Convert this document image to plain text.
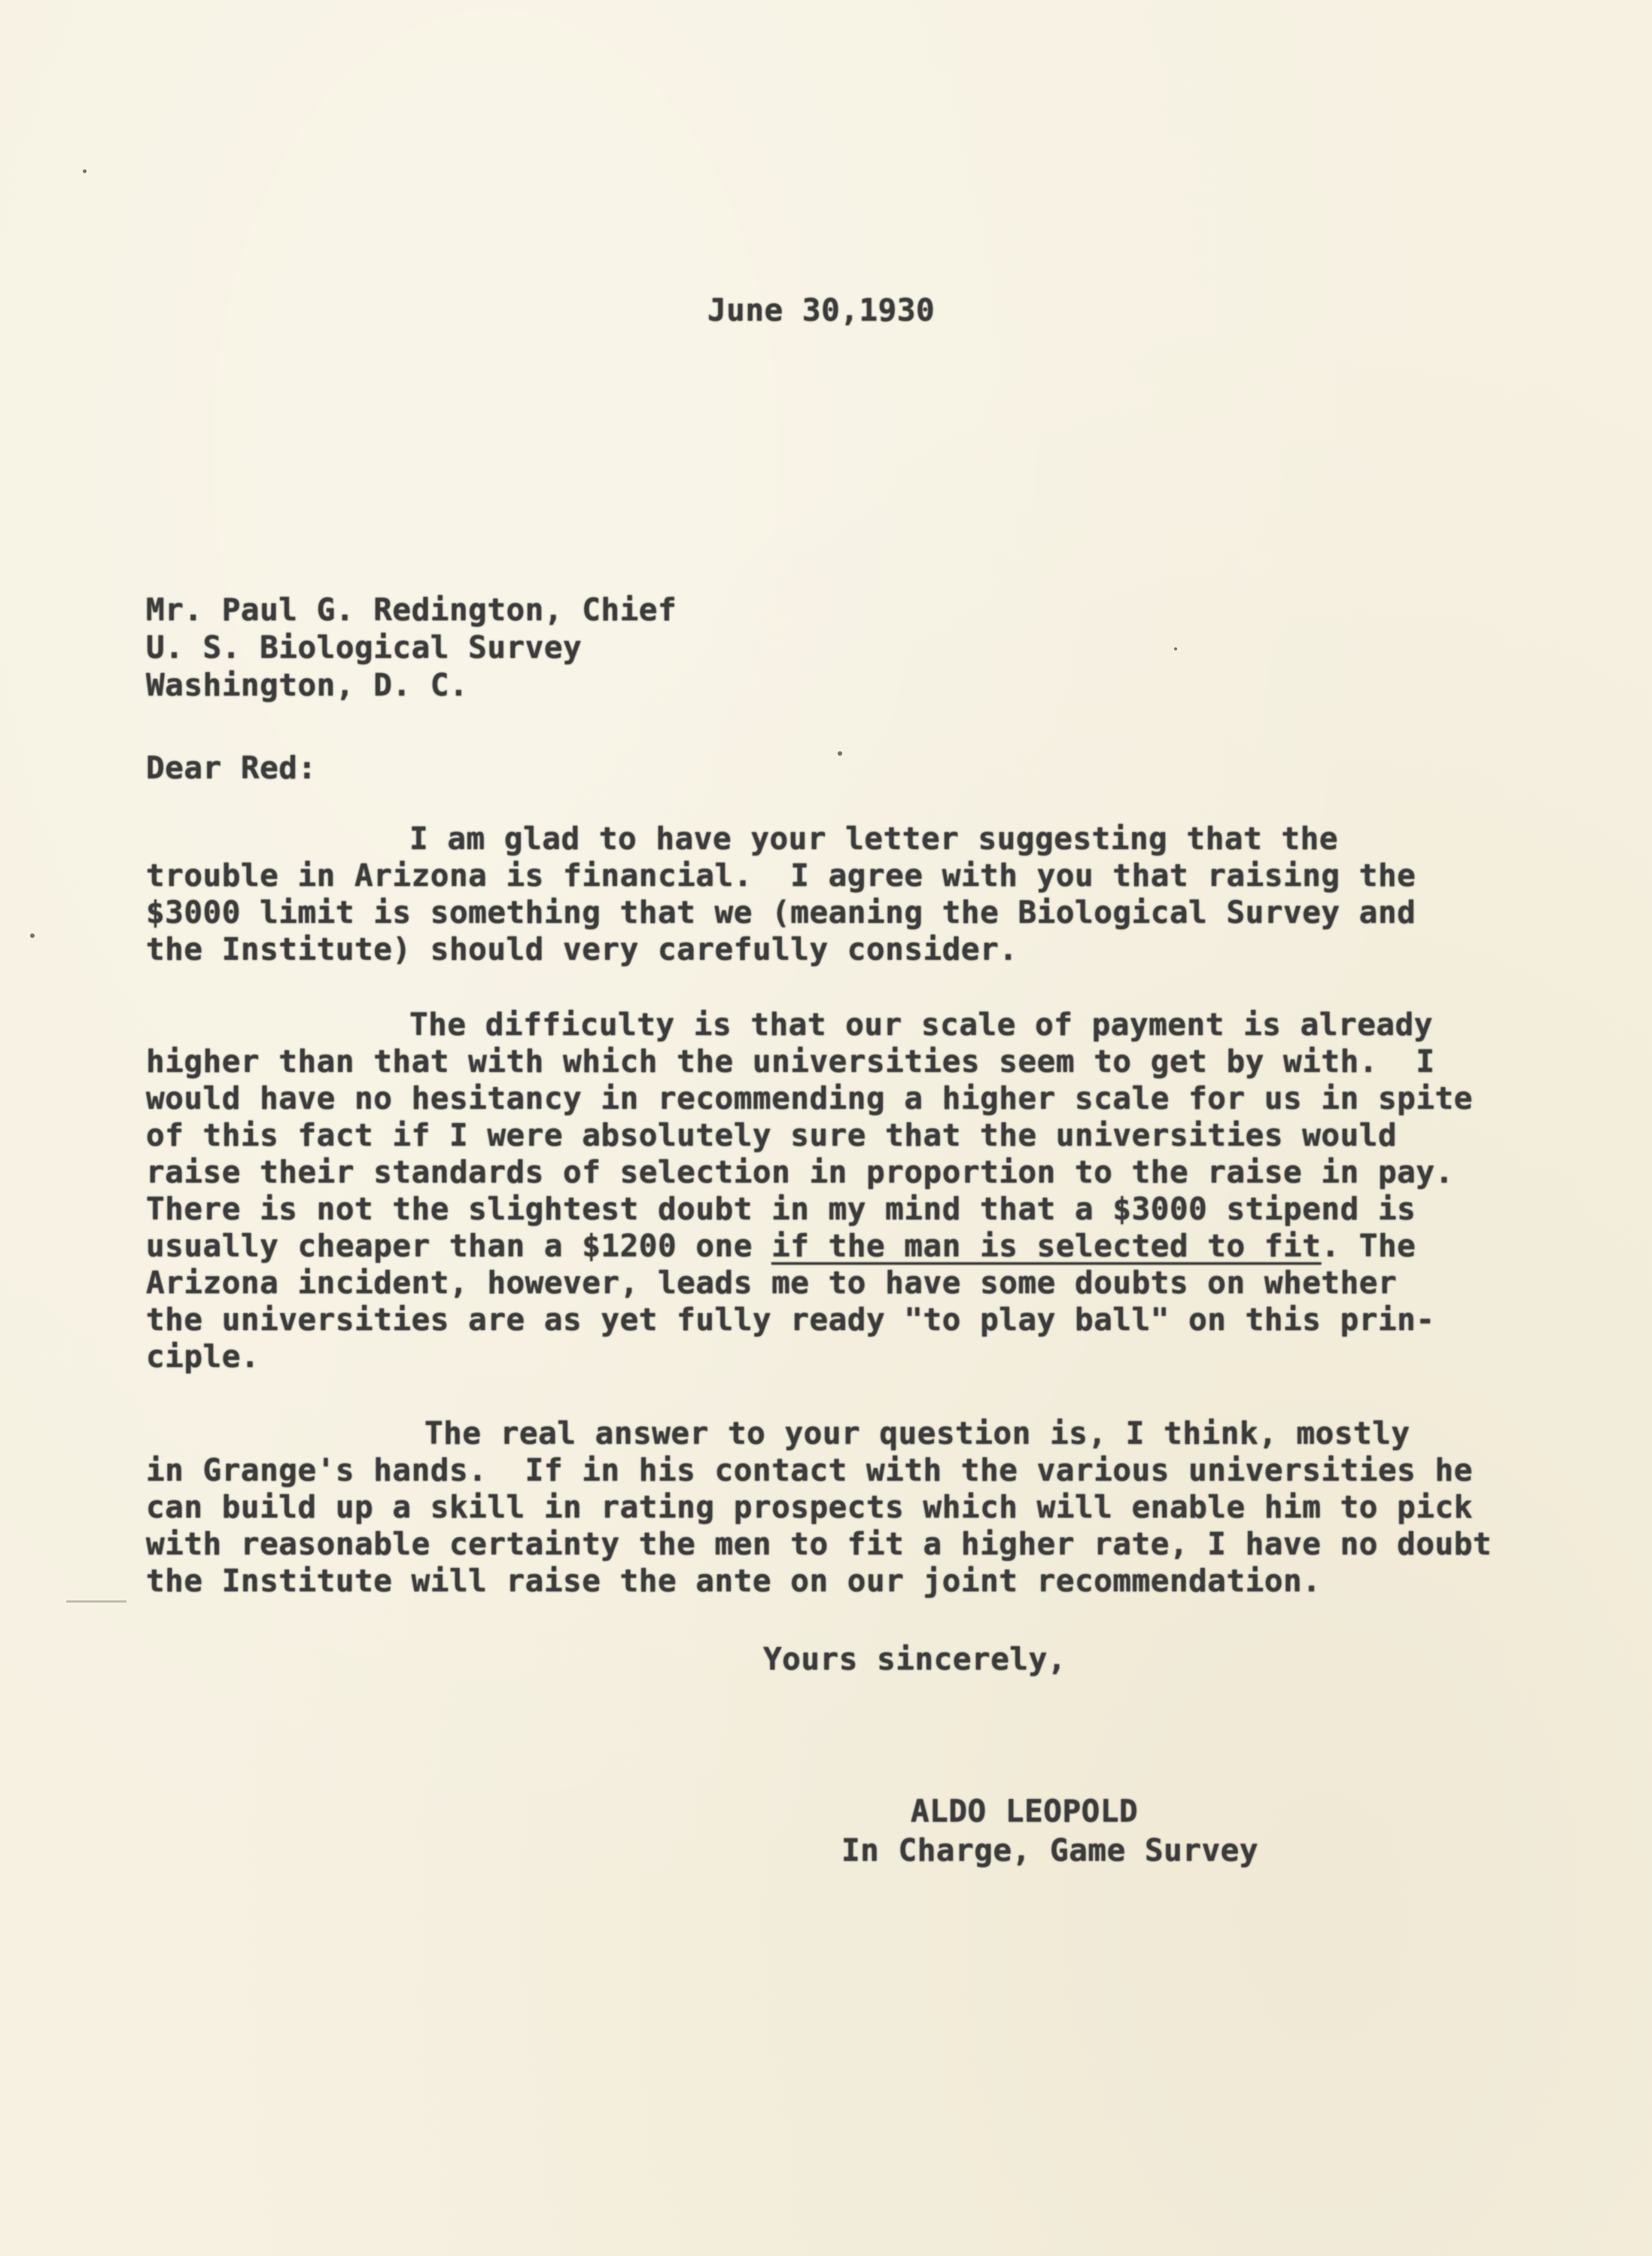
June 30,1930
Mr. Paul G. Redington, Chief
U. S. Biological Survey
Washington, D. C.
Dear Red:
I am glad to have your letter suggesting that the
trouble in Arizona is financial.  I agree with you that raising the
$3000 limit is something that we (meaning the Biological Survey and
the Institute) should very carefully consider.
The difficulty is that our scale of payment is already
higher than that with which the universities seem to get by with.  I
would have no hesitancy in recommending a higher scale for us in spite
of this fact if I were absolutely sure that the universities would
raise their standards of selection in proportion to the raise in pay.
There is not the slightest doubt in my mind that a $3000 stipend is
usually cheaper than a $1200 one if the man is selected to fit. The
Arizona incident, however, leads me to have some doubts on whether
the universities are as yet fully ready "to play ball" on this prin-
ciple.
The real answer to your question is, I think, mostly
in Grange's hands.  If in his contact with the various universities he
can build up a skill in rating prospects which will enable him to pick
with reasonable certainty the men to fit a higher rate, I have no doubt
the Institute will raise the ante on our joint recommendation.
Yours sincerely,
ALDO LEOPOLD
In Charge, Game Survey
